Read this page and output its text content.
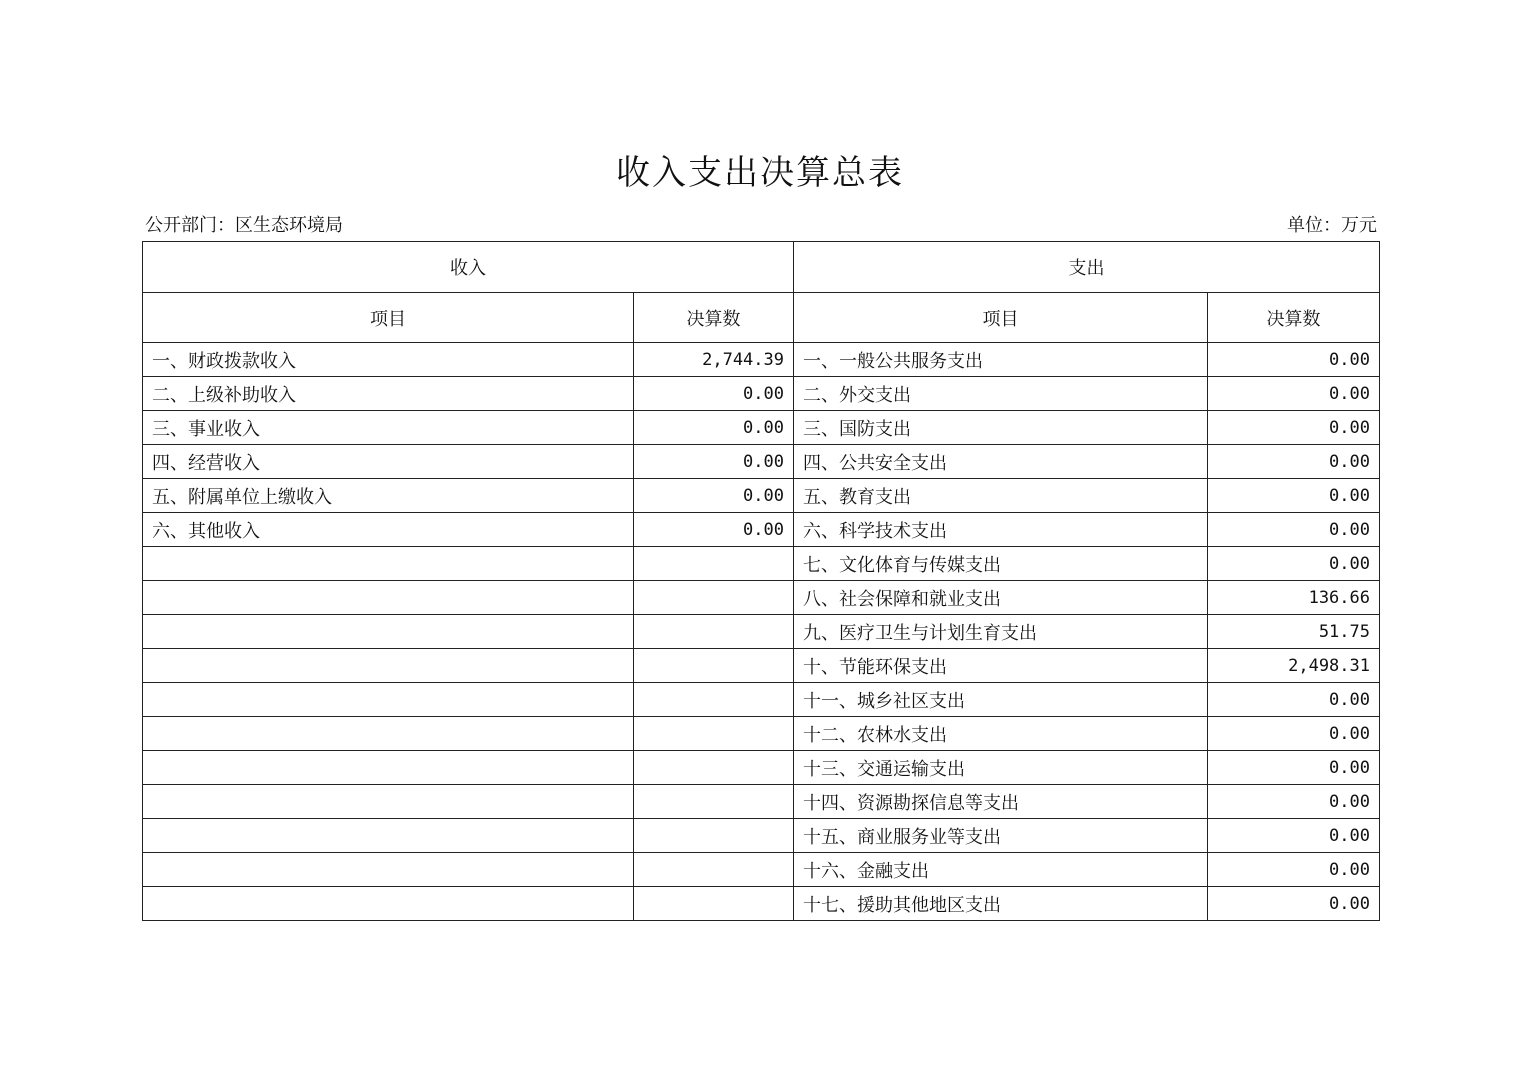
收入支出决算总表
公开部门：区生态环境局	单位：万元
收入		支出	
项目	决算数	项目	决算数
一、财政拨款收入	2,744.39	一、一般公共服务支出	0.00
二、上级补助收入	0.00	二、外交支出	0.00
三、事业收入	0.00	三、国防支出	0.00
四、经营收入	0.00	四、公共安全支出	0.00
五、附属单位上缴收入	0.00	五、教育支出	0.00
六、其他收入	0.00	六、科学技术支出	0.00
		七、文化体育与传媒支出	0.00
		八、社会保障和就业支出	136.66
		九、医疗卫生与计划生育支出	51.75
		十、节能环保支出	2,498.31
		十一、城乡社区支出	0.00
		十二、农林水支出	0.00
		十三、交通运输支出	0.00
		十四、资源勘探信息等支出	0.00
		十五、商业服务业等支出	0.00
		十六、金融支出	0.00
		十七、援助其他地区支出	0.00
